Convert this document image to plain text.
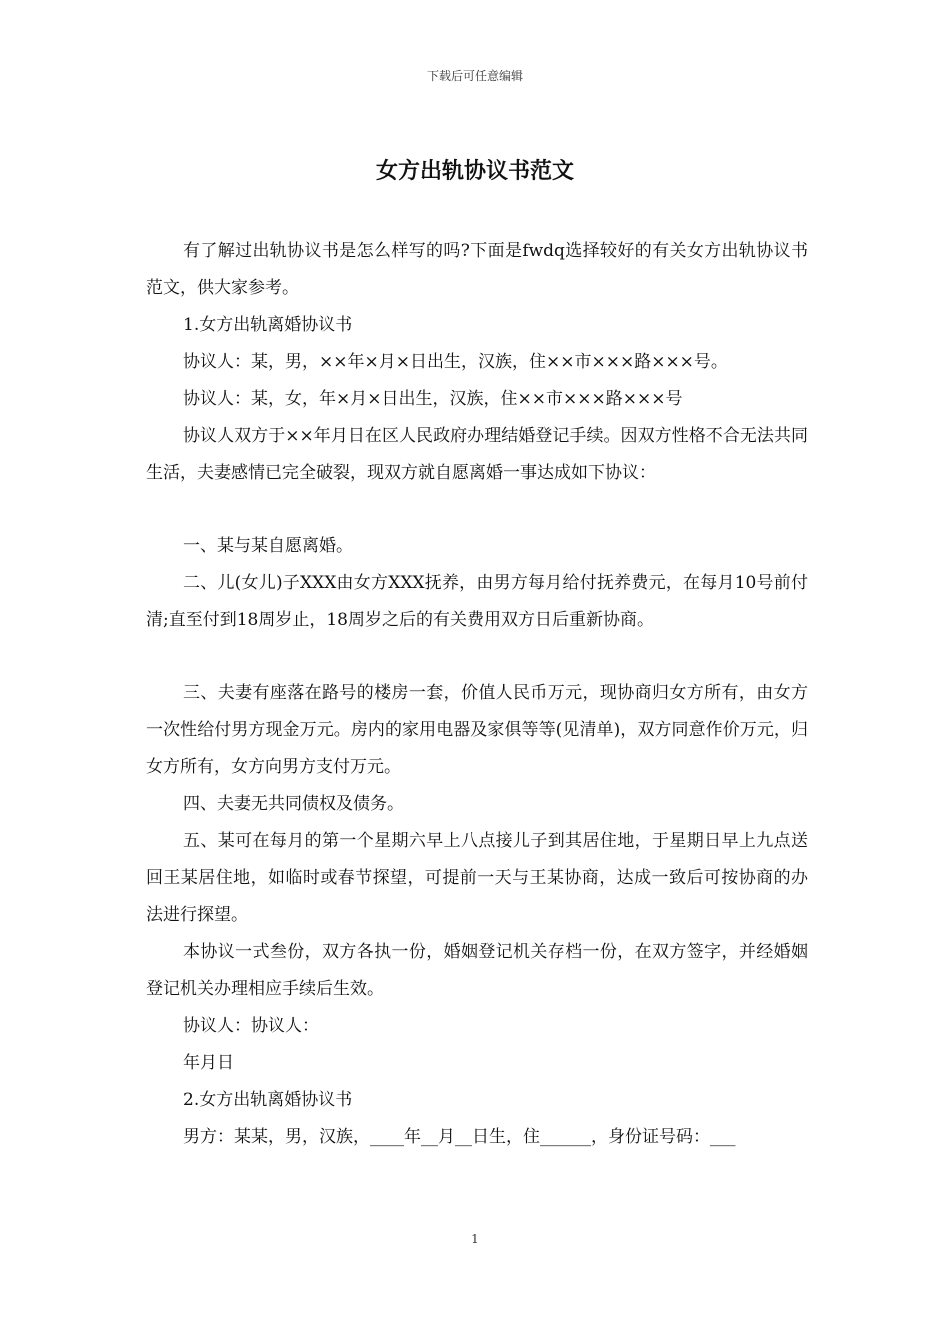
下载后可任意编辑
女方出轨协议书范文

有了解过出轨协议书是怎么样写的吗?下面是fwdq选择较好的有关女方出轨协议书范文，供大家参考。

1.女方出轨离婚协议书

协议人：某，男，××年×月×日出生，汉族，住××市×××路×××号。

协议人：某，女，年×月×日出生，汉族，住××市×××路×××号

协议人双方于××年月日在区人民政府办理结婚登记手续。因双方性格不合无法共同生活，夫妻感情已完全破裂，现双方就自愿离婚一事达成如下协议：

一、某与某自愿离婚。

二、儿(女儿)子XXX由女方XXX抚养，由男方每月给付抚养费元，在每月10号前付清;直至付到18周岁止，18周岁之后的有关费用双方日后重新协商。

三、夫妻有座落在路号的楼房一套，价值人民币万元，现协商归女方所有，由女方一次性给付男方现金万元。房内的家用电器及家俱等等(见清单)，双方同意作价万元，归女方所有，女方向男方支付万元。

四、夫妻无共同债权及债务。

五、某可在每月的第一个星期六早上八点接儿子到其居住地，于星期日早上九点送回王某居住地，如临时或春节探望，可提前一天与王某协商，达成一致后可按协商的办法进行探望。

本协议一式叁份，双方各执一份，婚姻登记机关存档一份，在双方签字，并经婚姻登记机关办理相应手续后生效。

协议人：协议人：

年月日

2.女方出轨离婚协议书

男方：某某，男，汉族，____年__月__日生，住______，身份证号码：___

1
